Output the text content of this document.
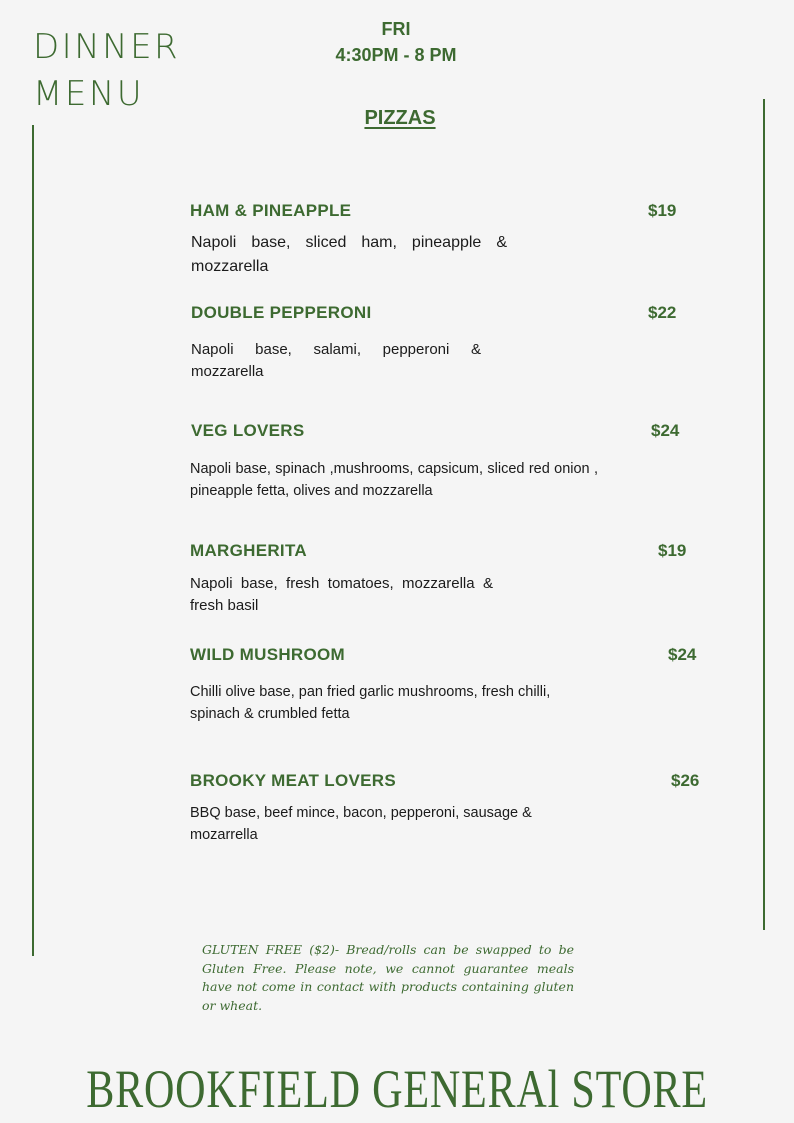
DINNER
MENU
FRI
4:30PM - 8 PM
PIZZAS
HAM & PINEAPPLE	$19

Napoli base, sliced ham, pineapple & mozzarella

DOUBLE PEPPERONI	$22

Napoli base, salami, pepperoni & mozzarella

VEG LOVERS	$24

Napoli base, spinach ,mushrooms, capsicum, sliced red onion , pineapple fetta, olives and mozzarella

MARGHERITA	$19

Napoli base, fresh tomatoes, mozzarella & fresh basil

WILD MUSHROOM	$24

Chilli olive base, pan fried garlic mushrooms, fresh chilli, spinach & crumbled fetta

BROOKY MEAT LOVERS	$26

BBQ base, beef mince, bacon, pepperoni, sausage & mozarrella

GLUTEN FREE ($2)- Bread/rolls can be swapped to be Gluten Free. Please note, we cannot guarantee meals have not come in contact with products containing gluten or wheat.

BROOKFIELD GENERAl STORE
